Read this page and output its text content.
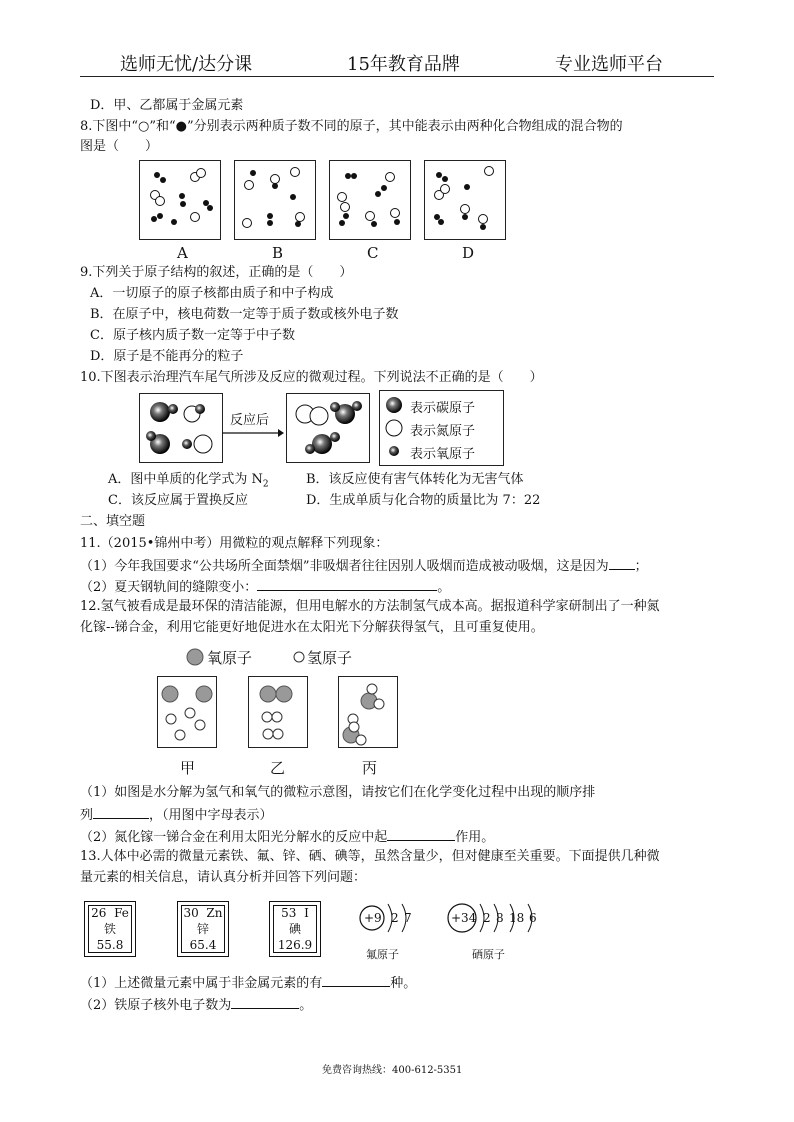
选师无忧/达分课	15年教育品牌	专业选师平台
D．甲、乙都属于金属元素
8.下图中“○”和“●”分别表示两种质子数不同的原子，其中能表示由两种化合物组成的混合物的
图是（　　）
A	B	C	D
9.下列关于原子结构的叙述，正确的是（　　）
A．一切原子的原子核都由质子和中子构成
B．在原子中，核电荷数一定等于质子数或核外电子数
C．原子核内质子数一定等于中子数
D．原子是不能再分的粒子
10.下图表示治理汽车尾气所涉及反应的微观过程。下列说法不正确的是（　　）
反应后
表示碳原子
表示氮原子
表示氧原子
A．图中单质的化学式为 $N_2$	B．该反应使有害气体转化为无害气体
C．该反应属于置换反应	D．生成单质与化合物的质量比为 7：22
二、填空题
11.（2015•锦州中考）用微粒的观点解释下列现象：
（1）今年我国要求“公共场所全面禁烟”非吸烟者往往因别人吸烟而造成被动吸烟，这是因为 ；
（2）夏天钢轨间的缝隙变小：	。
12.氢气被看成是最环保的清洁能源，但用电解水的方法制氢气成本高。据报道科学家研制出了一种氮
化镓--锑合金，利用它能更好地促进水在太阳光下分解获得氢气，且可重复使用。
氧原子	氢原子
甲	乙	丙
（1）如图是水分解为氢气和氧气的微粒示意图，请按它们在化学变化过程中出现的顺序排
列	，（用图中字母表示）
（2）氮化镓一锑合金在利用太阳光分解水的反应中起	作用。
13.人体中必需的微量元素铁、氟、锌、硒、碘等，虽然含量少，但对健康至关重要。下面提供几种微
量元素的相关信息，请认真分析并回答下列问题：
26 Fe
铁
55.8
30 Zn
锌
65.4
53 I
碘
126.9
+9 2 7
氟原子
+34 2 8 18 6
硒原子
（1）上述微量元素中属于非金属元素的有	种。
（2）铁原子核外电子数为	。
免费咨询热线：400-612-5351
